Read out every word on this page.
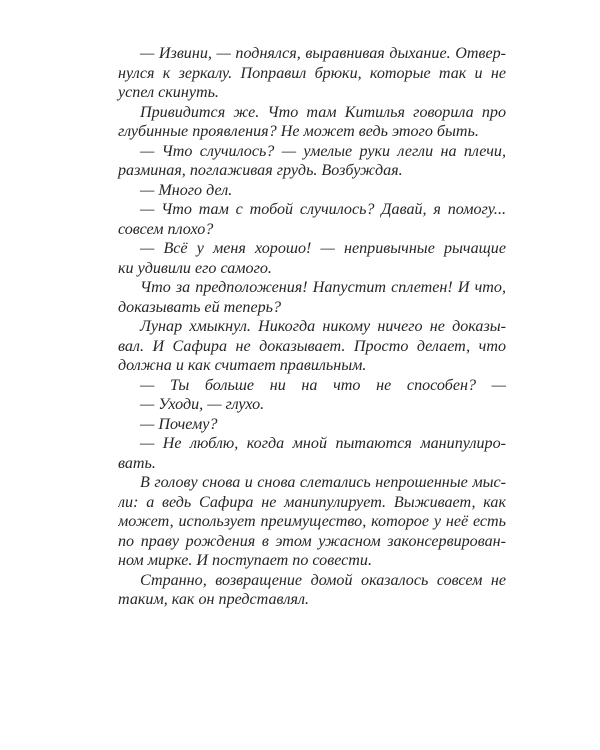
— Извини, — поднялся, выравнивая дыхание. Отвер-
нулся к зеркалу. Поправил брюки, которые так и не
успел скинуть.
Привидится же. Что там Китилья говорила про
глубинные проявления? Не может ведь этого быть.
— Что случилось? — умелые руки легли на плечи,
разминая, поглаживая грудь. Возбуждая.
— Много дел.
— Что там с тобой случилось? Давай, я помогу...
совсем плохо?
— Всё у меня хорошо! — непривычные рычащие
ки удивили его самого.
Что за предположения! Напустит сплетен! И что,
доказывать ей теперь?
Лунар хмыкнул. Никогда никому ничего не доказы-
вал. И Сафира не доказывает. Просто делает, что
должна и как считает правильным.
— Ты больше ни на что не способен? —
— Уходи, — глухо.
— Почему?
— Не люблю, когда мной пытаются манипулиро-
вать.
В голову снова и снова слетались непрошенные мыс-
ли: а ведь Сафира не манипулирует. Выживает, как
может, использует преимущество, которое у неё есть
по праву рождения в этом ужасном законсервирован-
ном мирке. И поступает по совести.
Странно, возвращение домой оказалось совсем не
таким, как он представлял.
